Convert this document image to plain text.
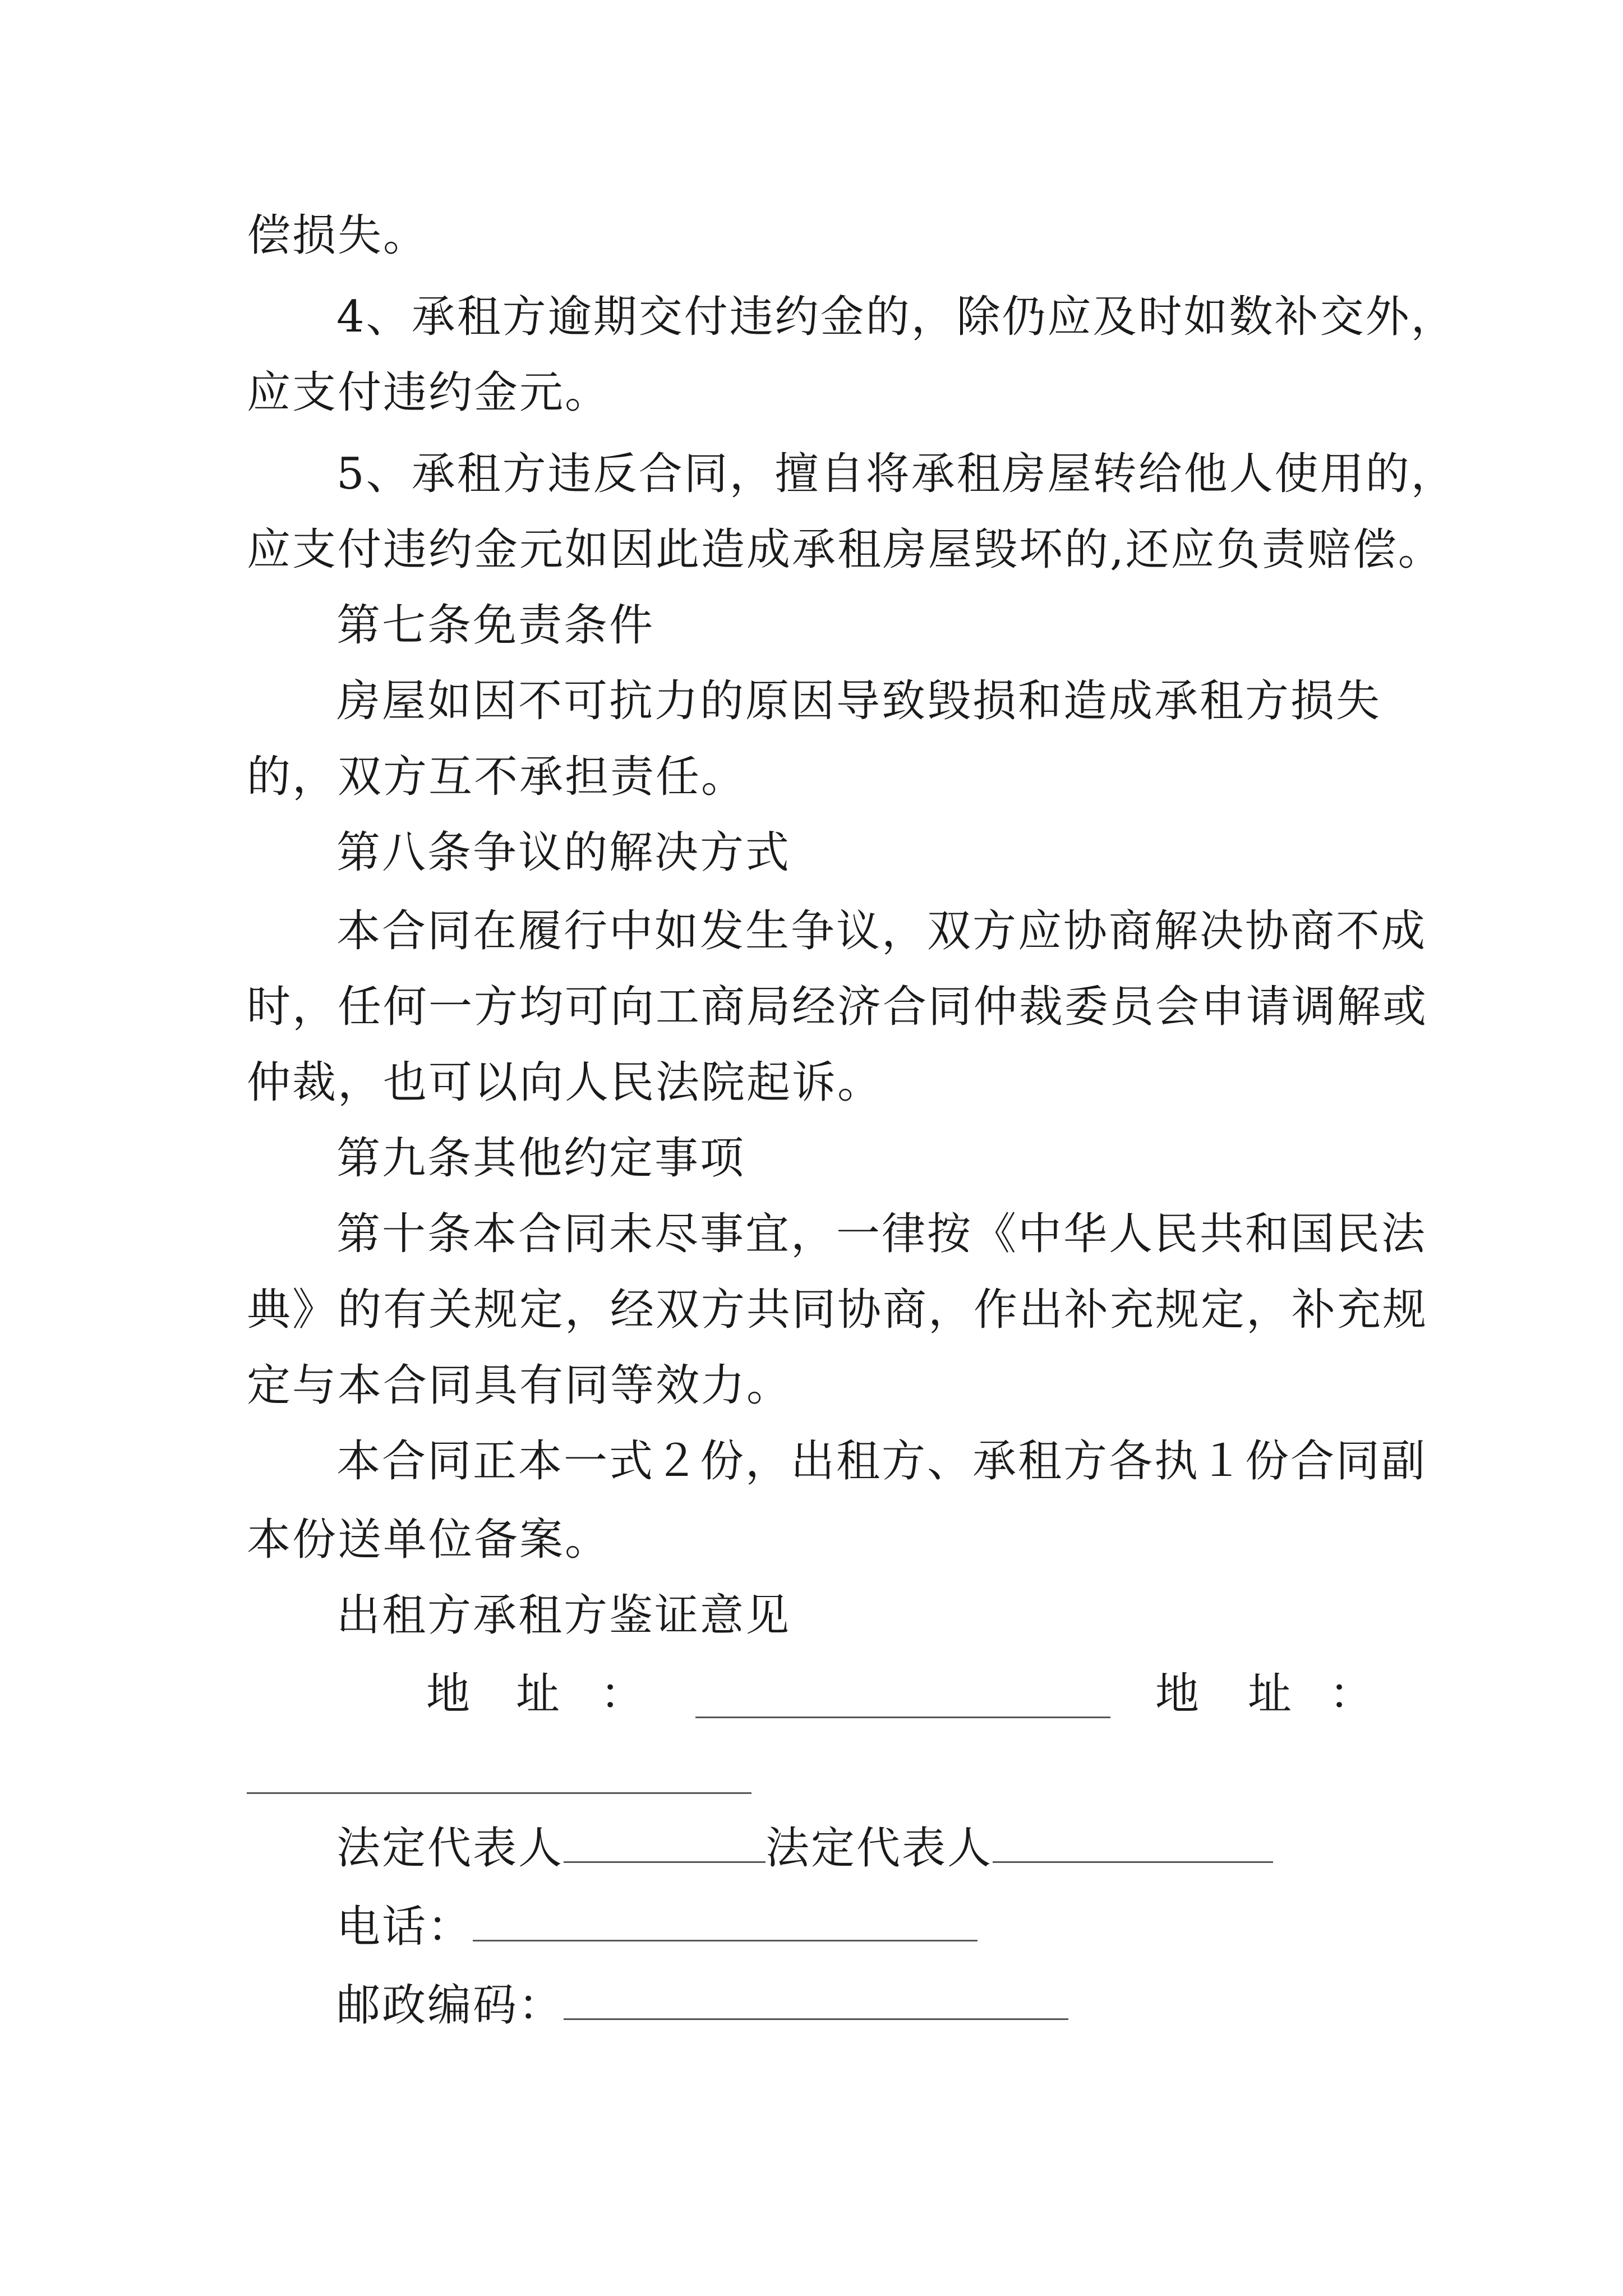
偿损失。
4、承租方逾期交付违约金的，除仍应及时如数补交外，
应支付违约金元。
5、承租方违反合同，擅自将承租房屋转给他人使用的，
应支付违约金元如因此造成承租房屋毁坏的,还应负责赔偿。
第七条免责条件
房屋如因不可抗力的原因导致毁损和造成承租方损失
的，双方互不承担责任。
第八条争议的解决方式
本合同在履行中如发生争议，双方应协商解决协商不成
时，任何一方均可向工商局经济合同仲裁委员会申请调解或
仲裁，也可以向人民法院起诉。
第九条其他约定事项
第十条本合同未尽事宜，一律按《中华人民共和国民法
典》的有关规定，经双方共同协商，作出补充规定，补充规
定与本合同具有同等效力。
本合同正本一式２份，出租方、承租方各执１份合同副
本份送单位备案。
出租方承租方鉴证意见
地 址 ：	地 址 ：
法定代表人	法定代表人
电话：
邮政编码：
